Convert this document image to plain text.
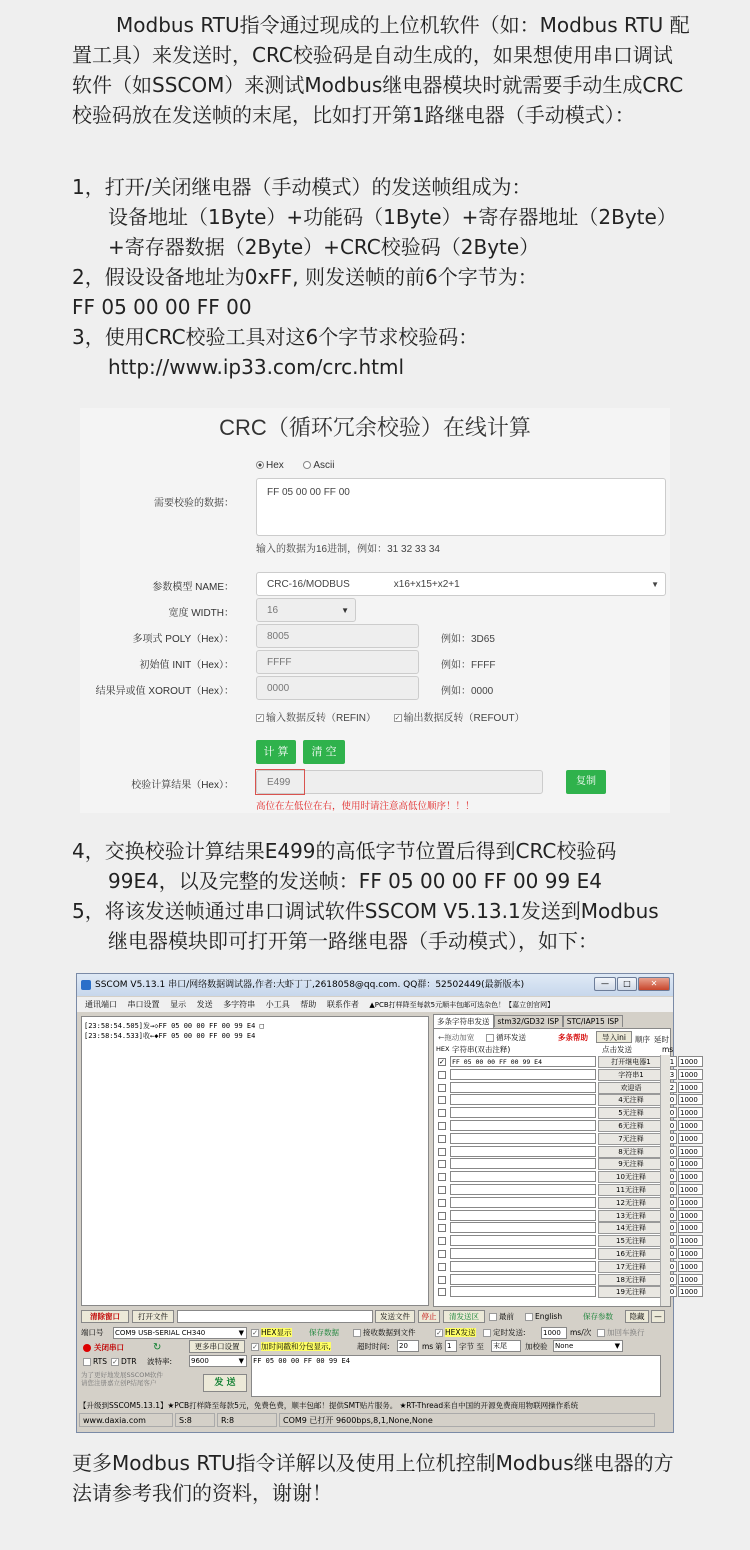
Modbus RTU指令通过现成的上位机软件（如：Modbus RTU 配置工具）来发送时，CRC校验码是自动生成的，如果想使用串口调试软件（如SSCOM）来测试Modbus继电器模块时就需要手动生成CRC校验码放在发送帧的末尾，比如打开第1路继电器（手动模式）：
1，打开/关闭继电器（手动模式）的发送帧组成为：
设备地址（1Byte）+功能码（1Byte）+寄存器地址（2Byte）
+寄存器数据（2Byte）+CRC校验码（2Byte）
2，假设设备地址为0xFF, 则发送帧的前6个字节为：
FF 05 00 00 FF 00
3，使用CRC校验工具对这6个字节求校验码：
http://www.ip33.com/crc.html
CRC（循环冗余校验）在线计算
Hex	Ascii
需要校验的数据：
FF 05 00 00 FF 00
输入的数据为16进制，例如：31 32 33 34
参数模型 NAME：	CRC-16/MODBUS	x16+x15+x2+1	▼
宽度 WIDTH：	16	▼
多项式 POLY（Hex）：	8005	例如：3D65
初始值 INIT（Hex）：	FFFF	例如：FFFF
结果异或值 XOROUT（Hex）：	0000	例如：0000
✓ 输入数据反转（REFIN）	✓ 输出数据反转（REFOUT）
计 算	清 空
校验计算结果（Hex）：	E499	复制
高位在左低位在右，使用时请注意高低位顺序！！！
4，交换校验计算结果E499的高低字节位置后得到CRC校验码
99E4，以及完整的发送帧：FF 05 00 00 FF 00 99 E4
5，将该发送帧通过串口调试软件SSCOM V5.13.1发送到Modbus
继电器模块即可打开第一路继电器（手动模式），如下：
SSCOM V5.13.1 串口/网络数据调试器,作者:大虾丁丁,2618058@qq.com. QQ群：52502449(最新版本)	—	□	✕
通讯端口 串口设置 显示 发送 多字符串 小工具 帮助 联系作者 ▲PCB打样降至每款5元顺丰包邮可选杂色！【嘉立创官网】
[23:58:54.505]发→◇FF 05 00 00 FF 00 99 E4 □
[23:58:54.533]收←◆FF 05 00 00 FF 00 99 E4
多条字符串发送 stm32/GD32 ISP STC/IAP15 ISP
←拖动加宽	循环发送	多条帮助	导入ini	顺序 延时
HEX 字符串(双击注释)	点击发送	ms
✓	FF 05 00 00 FF 00 99 E4	打开继电器1	1 1000
字符串1	3 1000
欢迎语	2 1000
4无注释	0 1000
5无注释	0 1000
6无注释	0 1000
7无注释	0 1000
8无注释	0 1000
9无注释	0 1000
10无注释	0 1000
11无注释	0 1000
12无注释	0 1000
13无注释	0 1000
14无注释	0 1000
15无注释	0 1000
16无注释	0 1000
17无注释	0 1000
18无注释	0 1000
19无注释	0 1000
清除窗口	打开文件	发送文件	停止	清发送区	最前	English	保存参数	隐藏	—
端口号 COM9 USB-SERIAL CH340	▼ ✓ HEX显示 保存数据	接收数据到文件	✓ HEX发送	定时发送: 1000	ms/次	加回车换行
关闭串口	↻	更多串口设置	✓ 加时间戳和分包显示,	超时时间: 20	ms 第 1	字节 至 末尾	加校验 None	▼
RTS ✓ DTR 波特率:	9600	▼ FF 05 00 00 FF 00 99 E4
为了更好地发展SSCOM软件
请您注册嘉立创P结尾客户	发 送
【升级到SSCOM5.13.1】★PCB打样降至每款5元，免费色费，顺丰包邮！提供SMT贴片服务。 ★RT-Thread来自中国的开源免费商用物联网操作系统
www.daxia.com	S:8	R:8	COM9 已打开 9600bps,8,1,None,None
更多Modbus RTU指令详解以及使用上位机控制Modbus继电器的方法请参考我们的资料，谢谢！
